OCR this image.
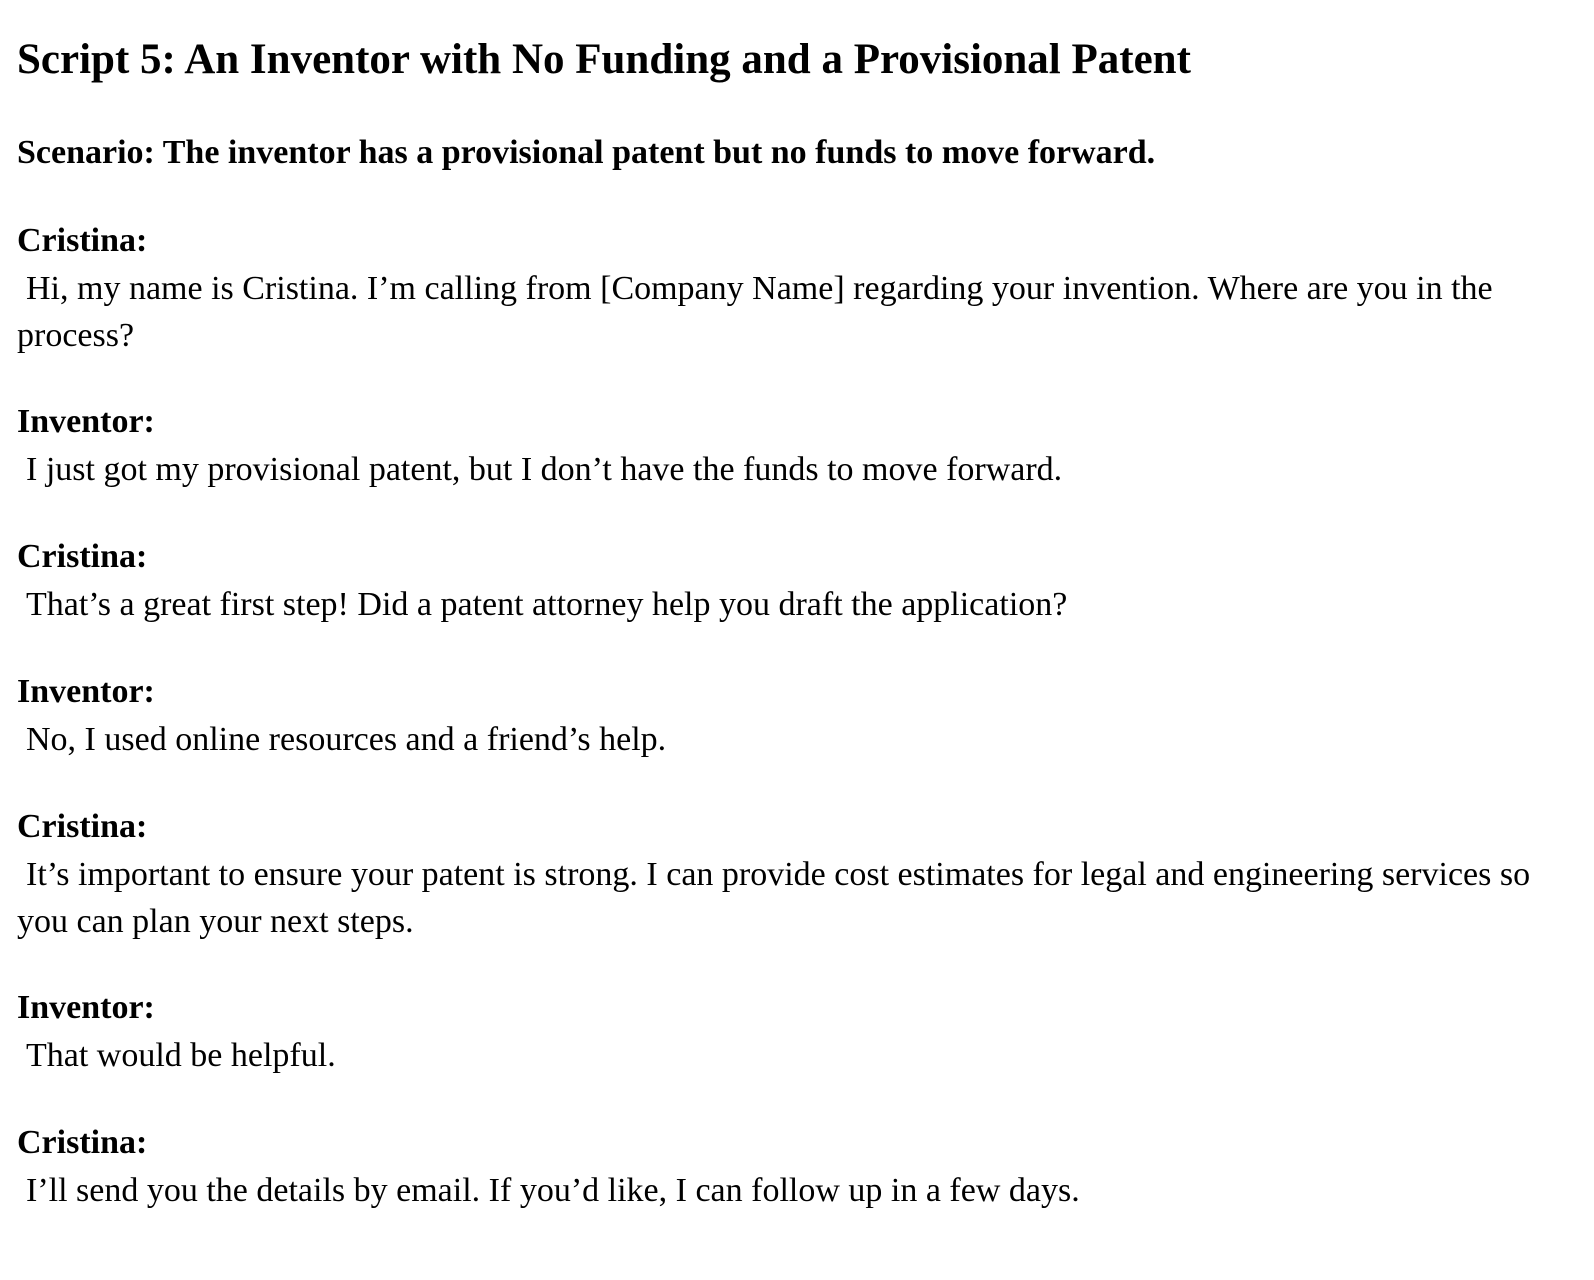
Script 5: An Inventor with No Funding and a Provisional Patent

Scenario: The inventor has a provisional patent but no funds to move forward.

Cristina:
Hi, my name is Cristina. I’m calling from [Company Name] regarding your invention. Where are you in the process?
Inventor:
I just got my provisional patent, but I don’t have the funds to move forward.
Cristina:
That’s a great first step! Did a patent attorney help you draft the application?
Inventor:
No, I used online resources and a friend’s help.
Cristina:
It’s important to ensure your patent is strong. I can provide cost estimates for legal and engineering services so you can plan your next steps.
Inventor:
That would be helpful.
Cristina:
I’ll send you the details by email. If you’d like, I can follow up in a few days.
